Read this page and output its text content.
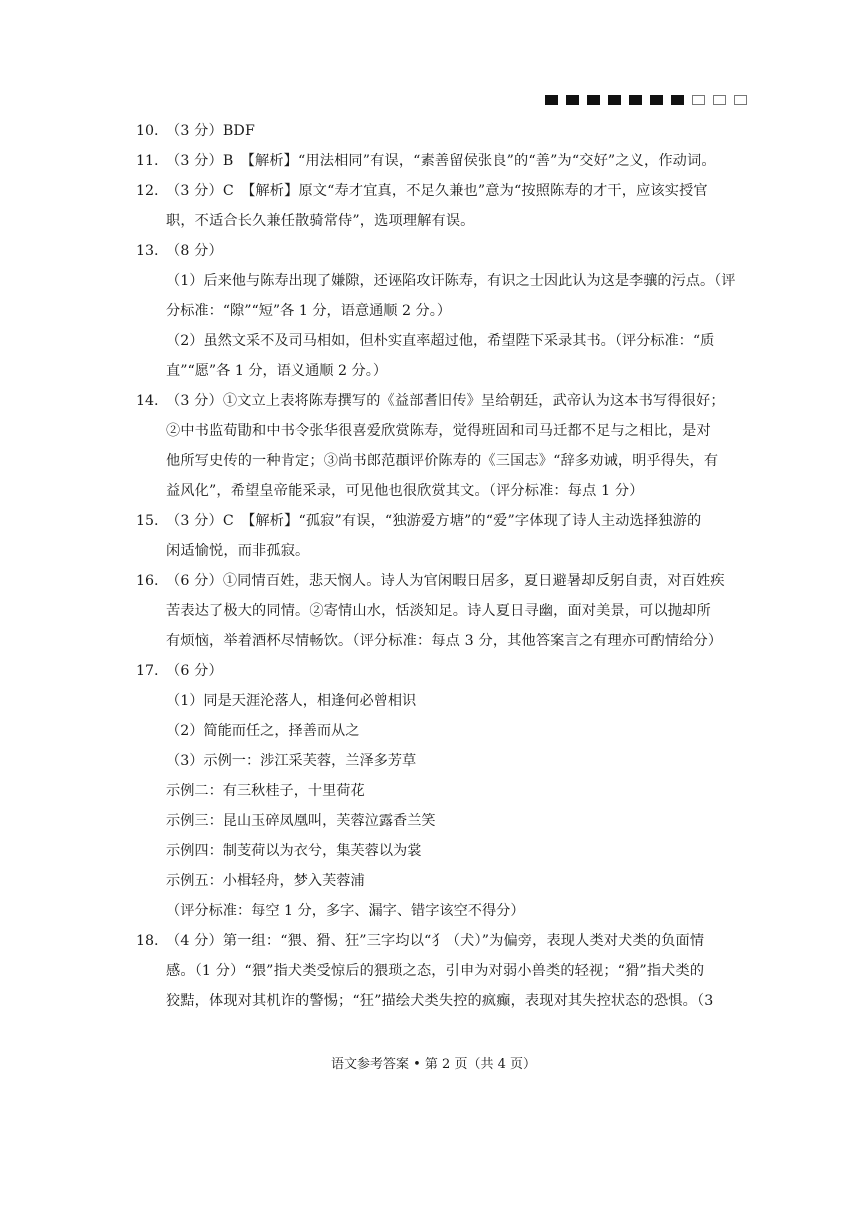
10. （3 分）BDF
11. （3 分）B　【解析】“用法相同”有误，“素善留侯张良”的“善”为“交好”之义，作动词。
12. （3 分）C　【解析】原文“寿才宜真，不足久兼也”意为“按照陈寿的才干，应该实授官
职，不适合长久兼任散骑常侍”，选项理解有误。
13. （8 分）
（1）后来他与陈寿出现了嫌隙，还诬陷攻讦陈寿，有识之士因此认为这是李骧的污点。（评
分标准：“隙”“短”各 1 分，语意通顺 2 分。）
（2）虽然文采不及司马相如，但朴实直率超过他，希望陛下采录其书。（评分标准：“质
直”“愿”各 1 分，语义通顺 2 分。）
14. （3 分）①文立上表将陈寿撰写的《益部耆旧传》呈给朝廷，武帝认为这本书写得很好；
②中书监荀勖和中书令张华很喜爱欣赏陈寿，觉得班固和司马迁都不足与之相比，是对
他所写史传的一种肯定；③尚书郎范頵评价陈寿的《三国志》“辞多劝诫，明乎得失，有
益风化”，希望皇帝能采录，可见他也很欣赏其文。（评分标准：每点 1 分）
15. （3 分）C　【解析】“孤寂”有误，“独游爱方塘”的“爱”字体现了诗人主动选择独游的
闲适愉悦，而非孤寂。
16. （6 分）①同情百姓，悲天悯人。诗人为官闲暇日居多，夏日避暑却反躬自责，对百姓疾
苦表达了极大的同情。②寄情山水，恬淡知足。诗人夏日寻幽，面对美景，可以抛却所
有烦恼，举着酒杯尽情畅饮。（评分标准：每点 3 分，其他答案言之有理亦可酌情给分）
17. （6 分）
（1）同是天涯沦落人，相逢何必曾相识
（2）简能而任之，择善而从之
（3）示例一：涉江采芙蓉，兰泽多芳草
示例二：有三秋桂子，十里荷花
示例三：昆山玉碎凤凰叫，芙蓉泣露香兰笑
示例四：制芰荷以为衣兮，集芙蓉以为裳
示例五：小楫轻舟，梦入芙蓉浦
（评分标准：每空 1 分，多字、漏字、错字该空不得分）
18. （4 分）第一组：“猥、猾、狂”三字均以“犭（犬）”为偏旁，表现人类对犬类的负面情
感。（1 分）“猥”指犬类受惊后的猥琐之态，引申为对弱小兽类的轻视；“猾”指犬类的
狡黠，体现对其机诈的警惕；“狂”描绘犬类失控的疯癫，表现对其失控状态的恐惧。（3
语文参考答案 • 第 2 页（共 4 页）
